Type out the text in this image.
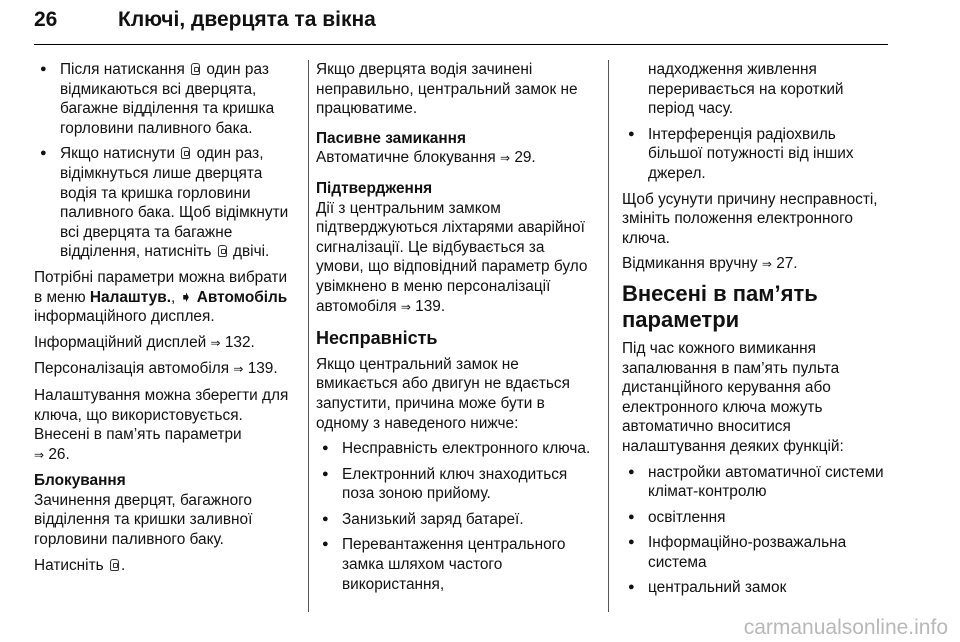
26	Ключі, дверцята та вікна
● Після натискання один раз відмикаються всі дверцята, багажне відділення та кришка горловини паливного бака.
● Якщо натиснути один раз, відімкнуться лише дверцята водія та кришка горловини паливного бака. Щоб відімкнути всі дверцята та багажне відділення, натисніть двічі.

Потрібні параметри можна вибрати в меню Налаштув., ➧ Автомобіль інформаційного дисплея.

Інформаційний дисплей ⇒ 132.

Персоналізація автомобіля ⇒ 139.

Налаштування можна зберегти для ключа, що використовується. Внесені в пам’ять параметри
⇒ 26.

Блокування

Зачинення дверцят, багажного відділення та кришки заливної горловини паливного баку.

Натисніть .

Якщо дверцята водія зачинені неправильно, центральний замок не працюватиме.

Пасивне замикання

Автоматичне блокування ⇒ 29.

Підтвердження

Дії з центральним замком підтверджуються ліхтарями аварійної сигналізації. Це відбувається за умови, що відповідний параметр було увімкнено в меню персоналізації автомобіля ⇒ 139.

Несправність

Якщо центральний замок не вмикається або двигун не вдається запустити, причина може бути в одному з наведеного нижче:

● Несправність електронного ключа.
● Електронний ключ знаходиться поза зоною прийому.
● Занизький заряд батареї.
● Перевантаження центрального замка шляхом частого використання,

надходження живлення переривається на короткий період часу.

● Інтерференція радіохвиль більшої потужності від інших джерел.

Щоб усунути причину несправності, змініть положення електронного ключа.

Відмикання вручну ⇒ 27.

Внесені в пам’ять параметри

Під час кожного вимикання запалювання в пам’ять пульта дистанційного керування або електронного ключа можуть автоматично вноситися налаштування деяких функцій:

● настройки автоматичної системи клімат-контролю
● освітлення
● Інформаційно-розважальна система
● центральний замок
carmanualsonline.info
